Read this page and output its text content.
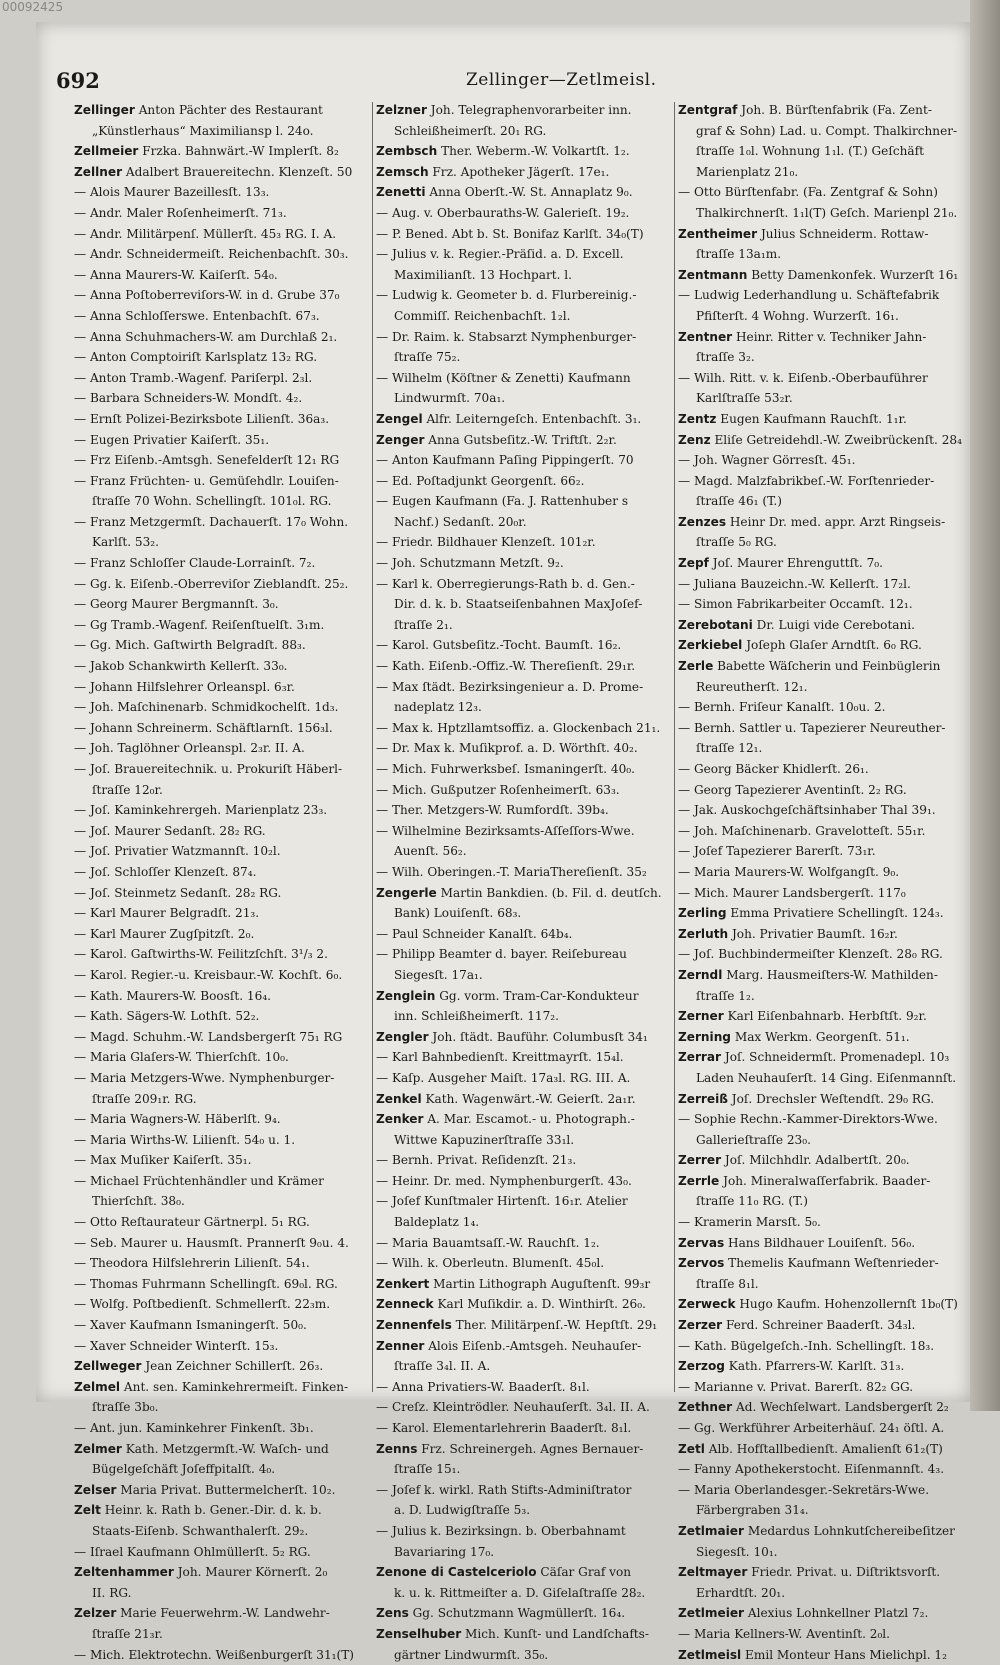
00092425
692	Zellinger—Zetlmeisl.
Zellinger Anton Pächter des Restaurant
„Künstlerhaus“ Maximiliansp l. 24o.
Zellmeier Frzka. Bahnwärt.-W Implerſt. 8₂
Zellner Adalbert Brauereitechn. Klenzeſt. 50
— Alois Maurer Bazeillesſt. 13₃.
— Andr. Maler Roſenheimerſt. 71₃.
— Andr. Militärpenſ. Müllerſt. 45₃ RG. I. A.
— Andr. Schneidermeiſt. Reichenbachſt. 30₃.
— Anna Maurers-W. Kaiſerſt. 54₀.
— Anna Poſtoberreviſors-W. in d. Grube 37₀
— Anna Schloſſerswe. Entenbachſt. 67₃.
— Anna Schuhmachers-W. am Durchlaß 2₁.
— Anton Comptoiriſt Karlsplatz 13₂ RG.
— Anton Tramb.-Wagenf. Pariſerpl. 2₃l.
— Barbara Schneiders-W. Mondſt. 4₂.
— Ernſt Polizei-Bezirksbote Lilienſt. 36a₃.
— Eugen Privatier Kaiſerſt. 35₁.
— Frz Eiſenb.-Amtsgh. Senefelderſt 12₁ RG
— Franz Früchten- u. Gemüſehdlr. Louiſen-
ſtraſſe 70 Wohn. Schellingſt. 101₀l. RG.
— Franz Metzgermſt. Dachauerſt. 17₀ Wohn.
Karlſt. 53₂.
— Franz Schloſſer Claude-Lorrainſt. 7₂.
— Gg. k. Eiſenb.-Oberreviſor Zieblandſt. 25₂.
— Georg Maurer Bergmannſt. 3₀.
— Gg Tramb.-Wagenf. Reiſenſtuelſt. 3₁m.
— Gg. Mich. Gaſtwirth Belgradſt. 88₃.
— Jakob Schankwirth Kellerſt. 33₀.
— Johann Hilfslehrer Orleanspl. 6₃r.
— Joh. Maſchinenarb. Schmidkochelſt. 1d₃.
— Johann Schreinerm. Schäftlarnſt. 156₃l.
— Joh. Taglöhner Orleanspl. 2₃r. II. A.
— Joſ. Brauereitechnik. u. Prokuriſt Häberl-
ſtraſſe 12₀r.
— Joſ. Kaminkehrergeh. Marienplatz 23₃.
— Joſ. Maurer Sedanſt. 28₂ RG.
— Joſ. Privatier Watzmannſt. 10₂l.
— Joſ. Schloſſer Klenzeſt. 87₄.
— Joſ. Steinmetz Sedanſt. 28₂ RG.
— Karl Maurer Belgradſt. 21₃.
— Karl Maurer Zugſpitzſt. 2₀.
— Karol. Gaſtwirths-W. Feilitzſchſt. 3¹/₃ 2.
— Karol. Regier.-u. Kreisbaur.-W. Kochſt. 6₀.
— Kath. Maurers-W. Boosſt. 16₄.
— Kath. Sägers-W. Lothſt. 52₂.
— Magd. Schuhm.-W. Landsbergerſt 75₁ RG
— Maria Glaſers-W. Thierſchſt. 10₀.
— Maria Metzgers-Wwe. Nymphenburger-
ſtraſſe 209₁r. RG.
— Maria Wagners-W. Häberlſt. 9₄.
— Maria Wirths-W. Lilienſt. 54₀ u. 1.
— Max Muſiker Kaiſerſt. 35₁.
— Michael Früchtenhändler und Krämer
Thierſchſt. 38₀.
— Otto Reſtaurateur Gärtnerpl. 5₁ RG.
— Seb. Maurer u. Hausmſt. Prannerſt 9₀u. 4.
— Theodora Hilfslehrerin Lilienſt. 54₁.
— Thomas Fuhrmann Schellingſt. 69₀l. RG.
— Wolfg. Poſtbedienſt. Schmellerſt. 22₃m.
— Xaver Kaufmann Ismaningerſt. 50₀.
— Xaver Schneider Winterſt. 15₃.
Zellweger Jean Zeichner Schillerſt. 26₃.
Zelmel Ant. sen. Kaminkehrermeiſt. Finken-
ſtraſſe 3b₀.
— Ant. jun. Kaminkehrer Finkenſt. 3b₁.
Zelmer Kath. Metzgermſt.-W. Waſch- und
Bügelgeſchäft Joſeffpitalſt. 4₀.
Zelser Maria Privat. Buttermelcherſt. 10₂.
Zelt Heinr. k. Rath b. Gener.-Dir. d. k. b.
Staats-Eiſenb. Schwanthalerſt. 29₂.
— Iſrael Kaufmann Ohlmüllerſt. 5₂ RG.
Zeltenhammer Joh. Maurer Körnerſt. 2₀
II. RG.
Zelzer Marie Feuerwehrm.-W. Landwehr-
ſtraſſe 21₃r.
— Mich. Elektrotechn. Weißenburgerſt 31₁(T)
Zelzner Joh. Telegraphenvorarbeiter inn.
Schleißheimerſt. 20₁ RG.
Zembsch Ther. Weberm.-W. Volkartſt. 1₂.
Zemsch Frz. Apotheker Jägerſt. 17e₁.
Zenetti Anna Oberſt.-W. St. Annaplatz 9₀.
— Aug. v. Oberbauraths-W. Galerieſt. 19₂.
— P. Bened. Abt b. St. Bonifaz Karlſt. 34₀(T)
— Julius v. k. Regier.-Präſid. a. D. Excell.
Maximilianſt. 13 Hochpart. l.
— Ludwig k. Geometer b. d. Flurbereinig.-
Commiſſ. Reichenbachſt. 1₂l.
— Dr. Raim. k. Stabsarzt Nymphenburger-
ſtraſſe 75₂.
— Wilhelm (Köſtner & Zenetti) Kaufmann
Lindwurmſt. 70a₁.
Zengel Alfr. Leiterngeſch. Entenbachſt. 3₁.
Zenger Anna Gutsbeſitz.-W. Triftſt. 2₂r.
— Anton Kaufmann Paſing Pippingerſt. 70
— Ed. Poſtadjunkt Georgenſt. 66₂.
— Eugen Kaufmann (Fa. J. Rattenhuber s
Nachf.) Sedanſt. 20₀r.
— Friedr. Bildhauer Klenzeſt. 101₂r.
— Joh. Schutzmann Metzſt. 9₂.
— Karl k. Oberregierungs-Rath b. d. Gen.-
Dir. d. k. b. Staatseiſenbahnen MaxJoſef-
ſtraſſe 2₁.
— Karol. Gutsbeſitz.-Tocht. Baumſt. 16₂.
— Kath. Eiſenb.-Offiz.-W. Thereſienſt. 29₁r.
— Max ſtädt. Bezirksingenieur a. D. Prome-
nadeplatz 12₃.
— Max k. Hptzllamtsoffiz. a. Glockenbach 21₁.
— Dr. Max k. Muſikprof. a. D. Wörthſt. 40₂.
— Mich. Fuhrwerksbeſ. Ismaningerſt. 40₀.
— Mich. Gußputzer Roſenheimerſt. 63₃.
— Ther. Metzgers-W. Rumfordſt. 39b₄.
— Wilhelmine Bezirksamts-Aſſeſſors-Wwe.
Auenſt. 56₂.
— Wilh. Oberingen.-T. MariaThereſienſt. 35₂
Zengerle Martin Bankdien. (b. Fil. d. deutſch.
Bank) Louiſenſt. 68₃.
— Paul Schneider Kanalſt. 64b₄.
— Philipp Beamter d. bayer. Reiſebureau
Siegesſt. 17a₁.
Zenglein Gg. vorm. Tram-Car-Kondukteur
inn. Schleißheimerſt. 117₂.
Zengler Joh. ſtädt. Bauführ. Columbusſt 34₁
— Karl Bahnbedienſt. Kreittmayrſt. 15₄l.
— Kaſp. Ausgeher Maiſt. 17a₃l. RG. III. A.
Zenkel Kath. Wagenwärt.-W. Geierſt. 2a₁r.
Zenker A. Mar. Escamot.- u. Photograph.-
Wittwe Kapuzinerſtraſſe 33₁l.
— Bernh. Privat. Reſidenzſt. 21₃.
— Heinr. Dr. med. Nymphenburgerſt. 43₀.
— Joſef Kunſtmaler Hirtenſt. 16₁r. Atelier
Baldeplatz 1₄.
— Maria Bauamtsaſſ.-W. Rauchſt. 1₂.
— Wilh. k. Oberleutn. Blumenſt. 45₀l.
Zenkert Martin Lithograph Auguſtenſt. 99₃r
Zenneck Karl Muſikdir. a. D. Winthirſt. 26₀.
Zennenfels Ther. Militärpenſ.-W. Hepſtſt. 29₁
Zenner Alois Eiſenb.-Amtsgeh. Neuhauſer-
ſtraſſe 3₄l. II. A.
— Anna Privatiers-W. Baaderſt. 8₁l.
— Creſz. Kleintrödler. Neuhauſerſt. 3₄l. II. A.
— Karol. Elementarlehrerin Baaderſt. 8₁l.
Zenns Frz. Schreinergeh. Agnes Bernauer-
ſtraſſe 15₁.
— Joſef k. wirkl. Rath Stifts-Adminiſtrator
a. D. Ludwigſtraſſe 5₃.
— Julius k. Bezirksingn. b. Oberbahnamt
Bavariaring 17₀.
Zenone di Castelceriolo Cäſar Graf von
k. u. k. Rittmeiſter a. D. Giſelaſtraſſe 28₂.
Zens Gg. Schutzmann Wagmüllerſt. 16₄.
Zenselhuber Mich. Kunſt- und Landſchafts-
gärtner Lindwurmſt. 35₀.
Zentgraf Joh. B. Bürſtenfabrik (Fa. Zent-
graf & Sohn) Lad. u. Compt. Thalkirchner-
ſtraſſe 1₀l. Wohnung 1₁l. (T.) Geſchäft
Marienplatz 21₀.
— Otto Bürſtenfabr. (Fa. Zentgraf & Sohn)
Thalkirchnerſt. 1₁l(T) Geſch. Marienpl 21₀.
Zentheimer Julius Schneiderm. Rottaw-
ſtraſſe 13a₁m.
Zentmann Betty Damenkonfek. Wurzerſt 16₁
— Ludwig Lederhandlung u. Schäftefabrik
Pfiſterſt. 4 Wohng. Wurzerſt. 16₁.
Zentner Heinr. Ritter v. Techniker Jahn-
ſtraſſe 3₂.
— Wilh. Ritt. v. k. Eiſenb.-Oberbauführer
Karlſtraſſe 53₂r.
Zentz Eugen Kaufmann Rauchſt. 1₁r.
Zenz Eliſe Getreidehdl.-W. Zweibrückenſt. 28₄
— Joh. Wagner Görresſt. 45₁.
— Magd. Malzfabrikbeſ.-W. Forſtenrieder-
ſtraſſe 46₁ (T.)
Zenzes Heinr Dr. med. appr. Arzt Ringseis-
ſtraſſe 5₀ RG.
Zepf Joſ. Maurer Ehrenguttſt. 7₀.
— Juliana Bauzeichn.-W. Kellerſt. 17₂l.
— Simon Fabrikarbeiter Occamſt. 12₁.
Zerebotani Dr. Luigi vide Cerebotani.
Zerkiebel Joſeph Glaſer Arndtſt. 6₀ RG.
Zerle Babette Wäſcherin und Feinbüglerin
Reureutherſt. 12₁.
— Bernh. Friſeur Kanalſt. 10₀u. 2.
— Bernh. Sattler u. Tapezierer Neureuther-
ſtraſſe 12₁.
— Georg Bäcker Khidlerſt. 26₁.
— Georg Tapezierer Aventinſt. 2₂ RG.
— Jak. Auskochgeſchäftsinhaber Thal 39₁.
— Joh. Maſchinenarb. Gravelotteſt. 55₁r.
— Joſef Tapezierer Barerſt. 73₁r.
— Maria Maurers-W. Wolfgangſt. 9₀.
— Mich. Maurer Landsbergerſt. 117₀
Zerling Emma Privatiere Schellingſt. 124₃.
Zerluth Joh. Privatier Baumſt. 16₂r.
— Joſ. Buchbindermeiſter Klenzeſt. 28₀ RG.
Zerndl Marg. Hausmeiſters-W. Mathilden-
ſtraſſe 1₂.
Zerner Karl Eiſenbahnarb. Herbſtſt. 9₂r.
Zerning Max Werkm. Georgenſt. 51₁.
Zerrar Joſ. Schneidermſt. Promenadepl. 10₃
Laden Neuhauſerſt. 14 Ging. Eiſenmannſt.
Zerreiß Joſ. Drechsler Weſtendſt. 29₀ RG.
— Sophie Rechn.-Kammer-Direktors-Wwe.
Gallerieſtraſſe 23₀.
Zerrer Joſ. Milchhdlr. Adalbertſt. 20₀.
Zerrle Joh. Mineralwaſſerfabrik. Baader-
ſtraſſe 11₀ RG. (T.)
— Kramerin Marsſt. 5₀.
Zervas Hans Bildhauer Louiſenſt. 56₀.
Zervos Themelis Kaufmann Weſtenrieder-
ſtraſſe 8₁l.
Zerweck Hugo Kaufm. Hohenzollernſt 1b₀(T)
Zerzer Ferd. Schreiner Baaderſt. 34₃l.
— Kath. Bügelgeſch.-Inh. Schellingſt. 18₃.
Zerzog Kath. Pfarrers-W. Karlſt. 31₃.
— Marianne v. Privat. Barerſt. 82₂ GG.
Zethner Ad. Wechſelwart. Landsbergerſt 2₂
— Gg. Werkführer Arbeiterhäuſ. 24₁ öſtl. A.
Zetl Alb. Hofſtallbedienſt. Amalienſt 61₂(T)
— Fanny Apothekerstocht. Eiſenmannſt. 4₃.
— Maria Oberlandesger.-Sekretärs-Wwe.
Färbergraben 31₄.
Zetlmaier Medardus Lohnkutſchereibeſitzer
Siegesſt. 10₁.
Zeltmayer Friedr. Privat. u. Diſtriktsvorſt.
Erhardtſt. 20₁.
Zetlmeier Alexius Lohnkellner Platzl 7₂.
— Maria Kellners-W. Aventinſt. 2₀l.
Zetlmeisl Emil Monteur Hans Mielichpl. 1₂
